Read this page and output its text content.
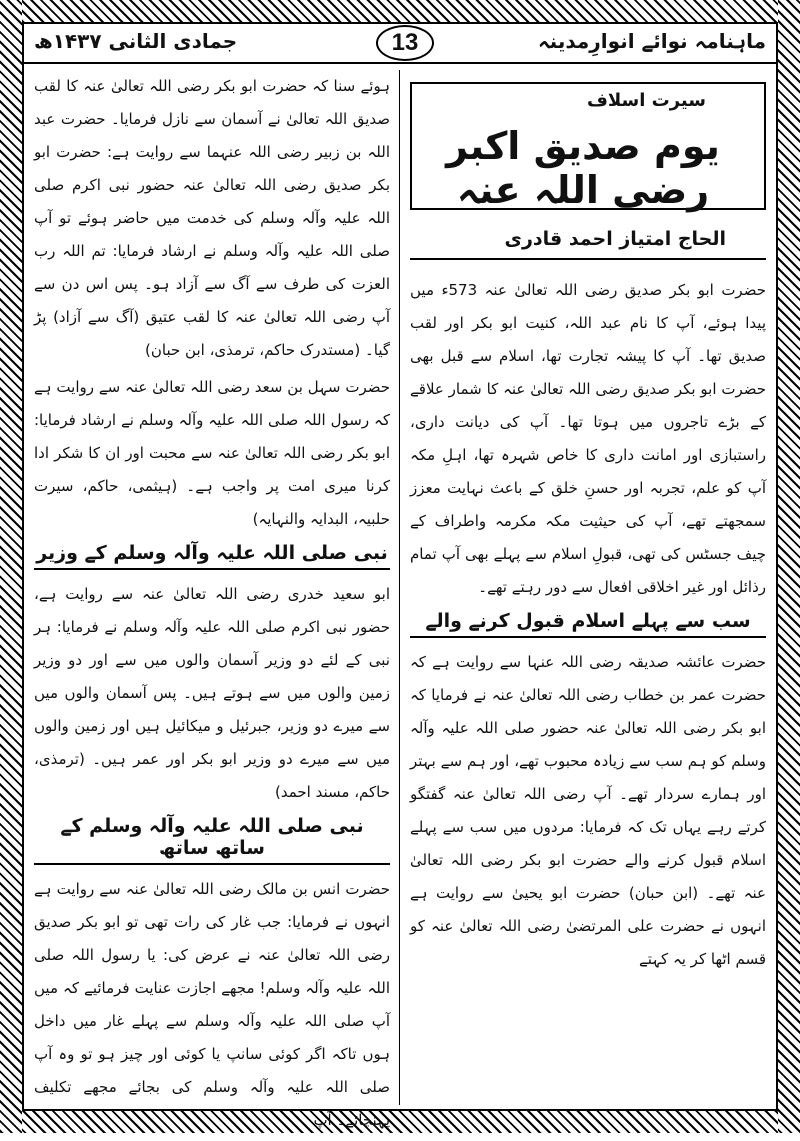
ماہنامہ نوائے انوارِمدینہ
13
جمادی الثانی ۱۴۳۷ھ
سیرت اسلاف
یوم صدیق اکبر رضی اللہ عنہ
الحاج امتیاز احمد قادری

حضرت ابو بکر صدیق رضی اللہ تعالیٰ عنہ 573ء میں پیدا ہوئے، آپ کا نام عبد اللہ، کنیت ابو بکر اور لقب صدیق تھا۔ آپ کا پیشہ تجارت تھا، اسلام سے قبل بھی حضرت ابو بکر صدیق رضی اللہ تعالیٰ عنہ کا شمار علاقے کے بڑے تاجروں میں ہوتا تھا۔ آپ کی دیانت داری، راستبازی اور امانت داری کا خاص شہرہ تھا، اہلِ مکہ آپ کو علم، تجربہ اور حسنِ خلق کے باعث نہایت معزز سمجھتے تھے، آپ کی حیثیت مکہ مکرمہ واطراف کے چیف جسٹس کی تھی، قبولِ اسلام سے پہلے بھی آپ تمام رذائل اور غیر اخلاقی افعال سے دور رہتے تھے۔

سب سے پہلے اسلام قبول کرنے والے

حضرت عائشہ صدیقہ رضی اللہ عنہا سے روایت ہے کہ حضرت عمر بن خطاب رضی اللہ تعالیٰ عنہ نے فرمایا کہ ابو بکر رضی اللہ تعالیٰ عنہ حضور صلی اللہ علیہ وآلہ وسلم کو ہم سب سے زیادہ محبوب تھے، اور ہم سے بہتر اور ہمارے سردار تھے۔ آپ رضی اللہ تعالیٰ عنہ گفتگو کرتے رہے یہاں تک کہ فرمایا: مردوں میں سب سے پہلے اسلام قبول کرنے والے حضرت ابو بکر رضی اللہ تعالیٰ عنہ تھے۔ (ابن حبان) حضرت ابو یحییٰ سے روایت ہے انہوں نے حضرت علی المرتضیٰ رضی اللہ تعالیٰ عنہ کو قسم اٹھا کر یہ کہتے

ہوئے سنا کہ حضرت ابو بکر رضی اللہ تعالیٰ عنہ کا لقب صدیق اللہ تعالیٰ نے آسمان سے نازل فرمایا۔ حضرت عبد اللہ بن زبیر رضی اللہ عنہما سے روایت ہے: حضرت ابو بکر صدیق رضی اللہ تعالیٰ عنہ حضور نبی اکرم صلی اللہ علیہ وآلہ وسلم کی خدمت میں حاضر ہوئے تو آپ صلی اللہ علیہ وآلہ وسلم نے ارشاد فرمایا: تم اللہ رب العزت کی طرف سے آگ سے آزاد ہو۔ پس اس دن سے آپ رضی اللہ تعالیٰ عنہ کا لقب عتیق (آگ سے آزاد) پڑ گیا۔ (مستدرک حاکم، ترمذی، ابن حبان)

حضرت سہل بن سعد رضی اللہ تعالیٰ عنہ سے روایت ہے کہ رسول اللہ صلی اللہ علیہ وآلہ وسلم نے ارشاد فرمایا: ابو بکر رضی اللہ تعالیٰ عنہ سے محبت اور ان کا شکر ادا کرنا میری امت پر واجب ہے۔ (ہیثمی، حاکم، سیرت حلبیہ، البدایہ والنہایہ)

نبی صلی اللہ علیہ وآلہ وسلم کے وزیر

ابو سعید خدری رضی اللہ تعالیٰ عنہ سے روایت ہے، حضور نبی اکرم صلی اللہ علیہ وآلہ وسلم نے فرمایا: ہر نبی کے لئے دو وزیر آسمان والوں میں سے اور دو وزیر زمین والوں میں سے ہوتے ہیں۔ پس آسمان والوں میں سے میرے دو وزیر، جبرئیل و میکائیل ہیں اور زمین والوں میں سے میرے دو وزیر ابو بکر اور عمر ہیں۔ (ترمذی، حاکم، مسند احمد)

نبی صلی اللہ علیہ وآلہ وسلم کے ساتھ ساتھ

حضرت انس بن مالک رضی اللہ تعالیٰ عنہ سے روایت ہے انہوں نے فرمایا: جب غار کی رات تھی تو ابو بکر صدیق رضی اللہ تعالیٰ عنہ نے عرض کی: یا رسول اللہ صلی اللہ علیہ وآلہ وسلم! مجھے اجازت عنایت فرمائیے کہ میں آپ صلی اللہ علیہ وآلہ وسلم سے پہلے غار میں داخل ہوں تاکہ اگر کوئی سانپ یا کوئی اور چیز ہو تو وہ آپ صلی اللہ علیہ وآلہ وسلم کی بجائے مجھے تکلیف پہنچائے۔ آپ
